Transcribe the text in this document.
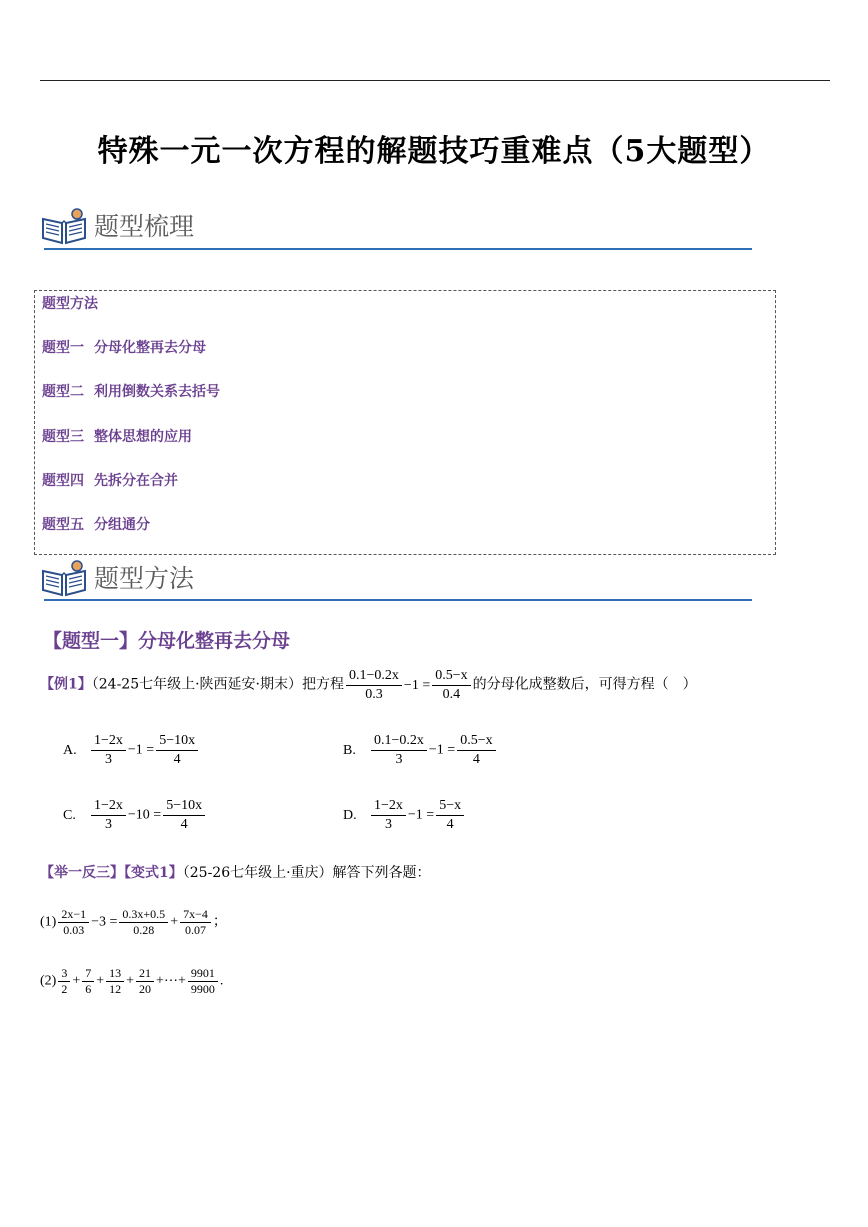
特殊一元一次方程的解题技巧重难点（5大题型）
题型梳理
题型方法
题型一 分母化整再去分母
题型二 利用倒数关系去括号
题型三 整体思想的应用
题型四 先拆分在合并
题型五 分组通分
题型方法
【题型一】分母化整再去分母
【例1】（24-25七年级上·陕西延安·期末）把方程 $\frac{0.1-0.2x}{0.3} -1 = \frac{0.5-x}{0.4}$ 的分母化成整数后，可得方程（　）
A. $\frac{1-2x}{3} -1 = \frac{5-10x}{4}$	B. $\frac{0.1-0.2x}{3} -1 = \frac{0.5-x}{4}$
C. $\frac{1-2x}{3} -10 = \frac{5-10x}{4}$	D. $\frac{1-2x}{3} -1 = \frac{5-x}{4}$
【举一反三】【变式1】（25-26七年级上·重庆）解答下列各题：
$(1) \frac{2x-1}{0.03} -3 = \frac{0.3x+0.5}{0.28} + \frac{7x-4}{0.07}$ ；
$(2) \frac{3}{2} + \frac{7}{6} + \frac{13}{12} + \frac{21}{20}$ +⋯+ $\frac{9901}{9900}$ .
